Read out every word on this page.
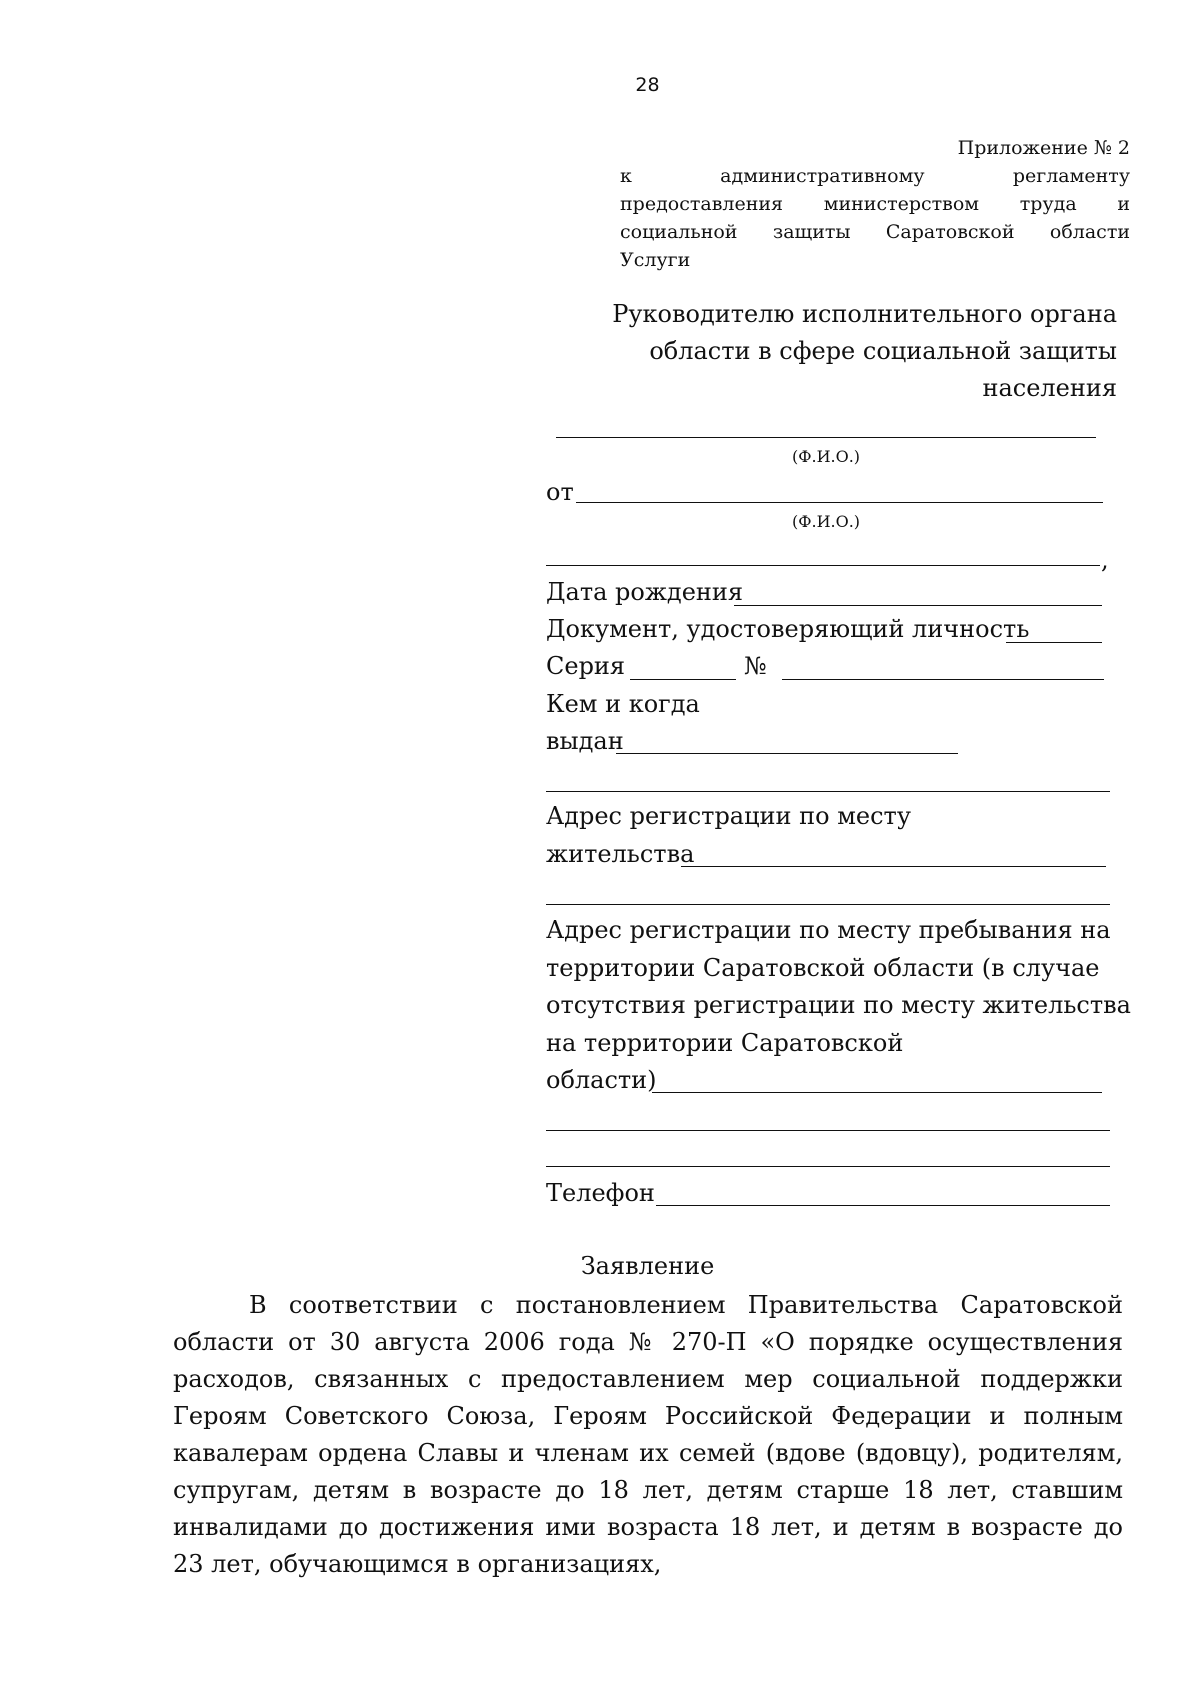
28
Приложение № 2
к административному регламенту
предоставления министерством труда и
социальной защиты Саратовской области
Услуги
Руководителю исполнительного органа
области в сфере социальной защиты
населения
(Ф.И.О.)
от
(Ф.И.О.)
,
Дата рождения
Документ, удостоверяющий личность
Серия	№
Кем и когда
выдан
Адрес регистрации по месту
жительства
Адрес регистрации по месту пребывания на
территории Саратовской области (в случае
отсутствия регистрации по месту жительства
на территории Саратовской
области)
Телефон
Заявление
В соответствии с постановлением Правительства Саратовской области от 30 августа 2006 года № 270-П «О порядке осуществления расходов, связанных с предоставлением мер социальной поддержки Героям Советского Союза, Героям Российской Федерации и полным кавалерам ордена Славы и членам их семей (вдове (вдовцу), родителям, супругам, детям в возрасте до 18 лет, детям старше 18 лет, ставшим инвалидами до достижения ими возраста 18 лет, и детям в возрасте до 23 лет, обучающимся в организациях,
